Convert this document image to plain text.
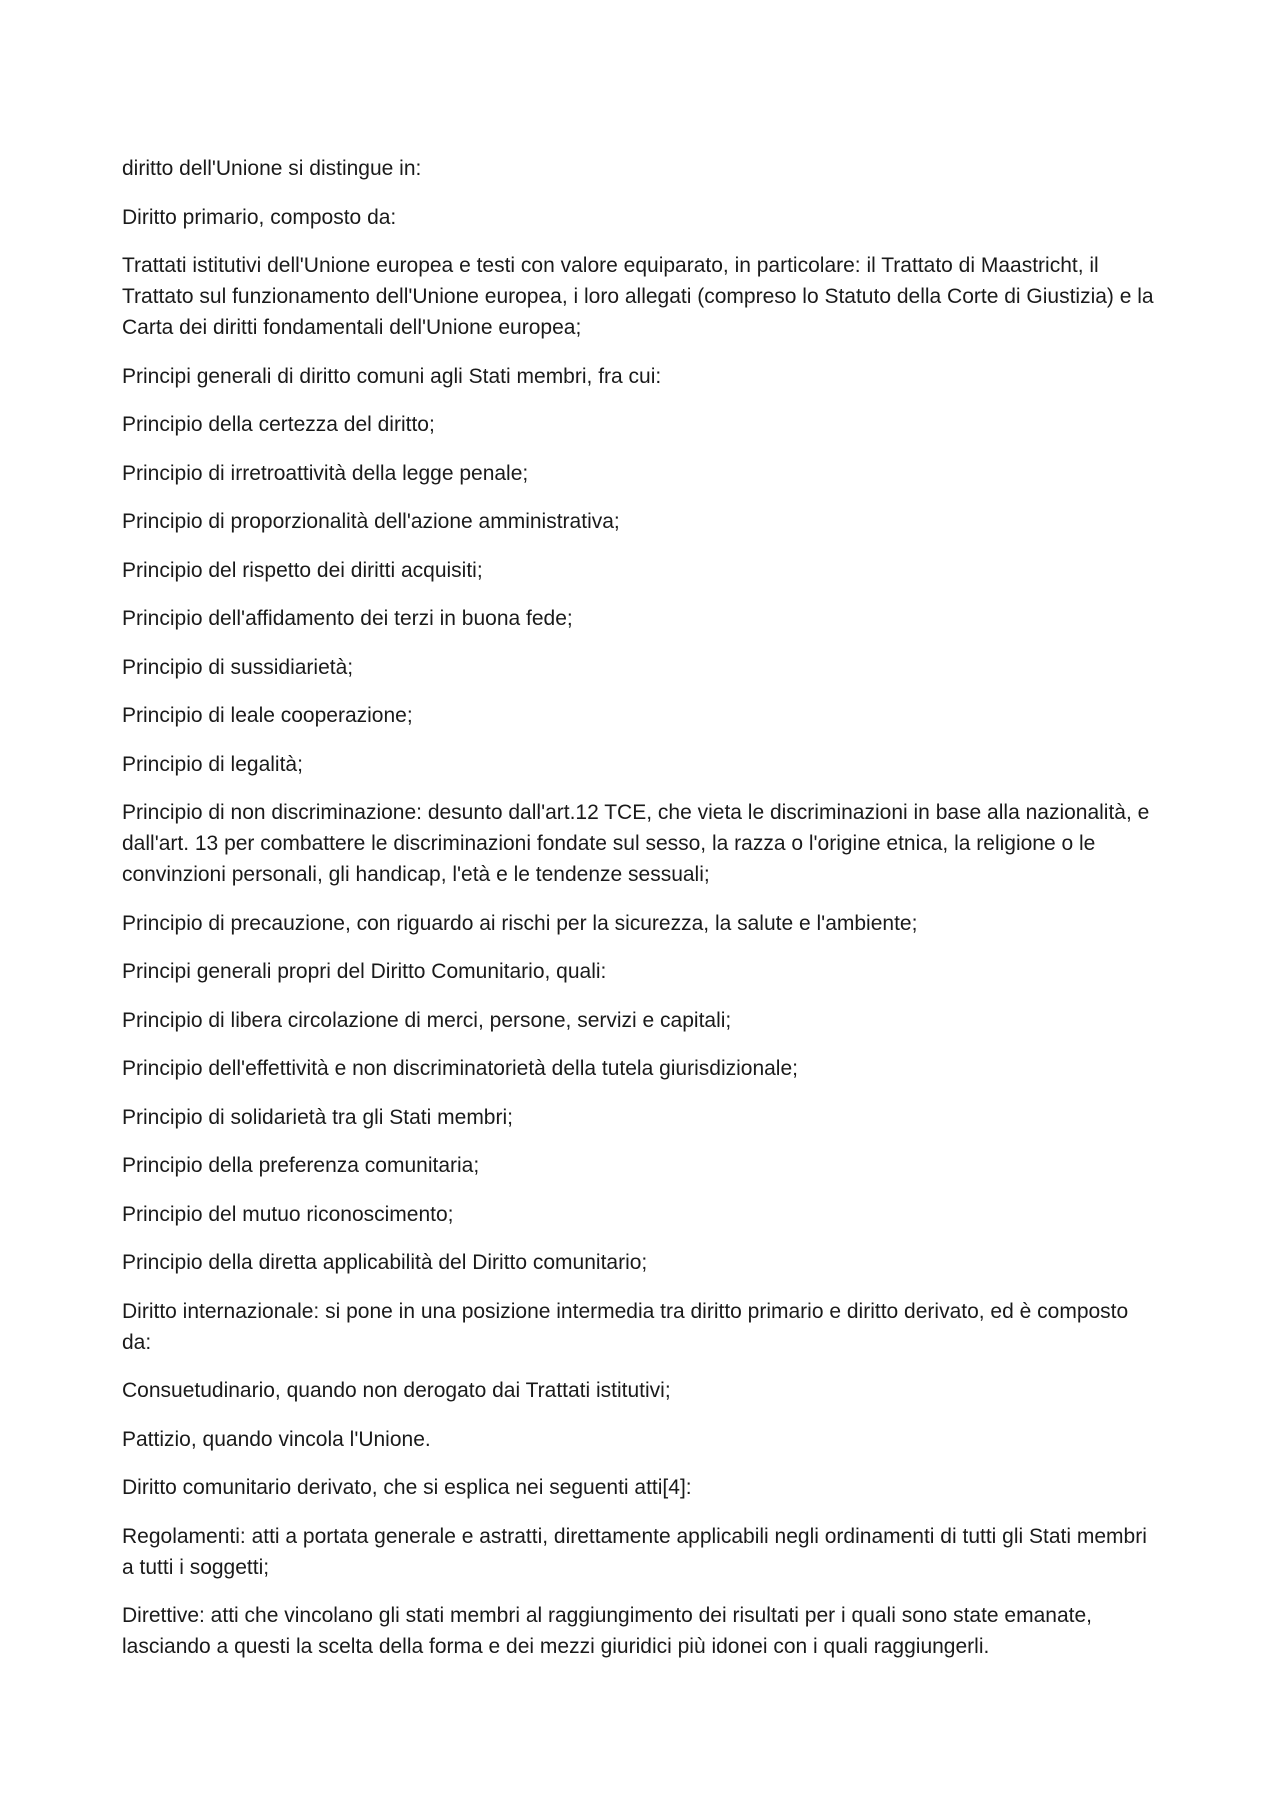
diritto dell'Unione si distingue in:

Diritto primario, composto da:

Trattati istitutivi dell'Unione europea e testi con valore equiparato, in particolare: il Trattato di Maastricht, il Trattato sul funzionamento dell'Unione europea, i loro allegati (compreso lo Statuto della Corte di Giustizia) e la Carta dei diritti fondamentali dell'Unione europea;

Principi generali di diritto comuni agli Stati membri, fra cui:

Principio della certezza del diritto;

Principio di irretroattività della legge penale;

Principio di proporzionalità dell'azione amministrativa;

Principio del rispetto dei diritti acquisiti;

Principio dell'affidamento dei terzi in buona fede;

Principio di sussidiarietà;

Principio di leale cooperazione;

Principio di legalità;

Principio di non discriminazione: desunto dall'art.12 TCE, che vieta le discriminazioni in base alla nazionalità, e dall'art. 13 per combattere le discriminazioni fondate sul sesso, la razza o l'origine etnica, la religione o le convinzioni personali, gli handicap, l'età e le tendenze sessuali;

Principio di precauzione, con riguardo ai rischi per la sicurezza, la salute e l'ambiente;

Principi generali propri del Diritto Comunitario, quali:

Principio di libera circolazione di merci, persone, servizi e capitali;

Principio dell'effettività e non discriminatorietà della tutela giurisdizionale;

Principio di solidarietà tra gli Stati membri;

Principio della preferenza comunitaria;

Principio del mutuo riconoscimento;

Principio della diretta applicabilità del Diritto comunitario;

Diritto internazionale: si pone in una posizione intermedia tra diritto primario e diritto derivato, ed è composto da:

Consuetudinario, quando non derogato dai Trattati istitutivi;

Pattizio, quando vincola l'Unione.

Diritto comunitario derivato, che si esplica nei seguenti atti[4]:

Regolamenti: atti a portata generale e astratti, direttamente applicabili negli ordinamenti di tutti gli Stati membri a tutti i soggetti;

Direttive: atti che vincolano gli stati membri al raggiungimento dei risultati per i quali sono state emanate, lasciando a questi la scelta della forma e dei mezzi giuridici più idonei con i quali raggiungerli.
